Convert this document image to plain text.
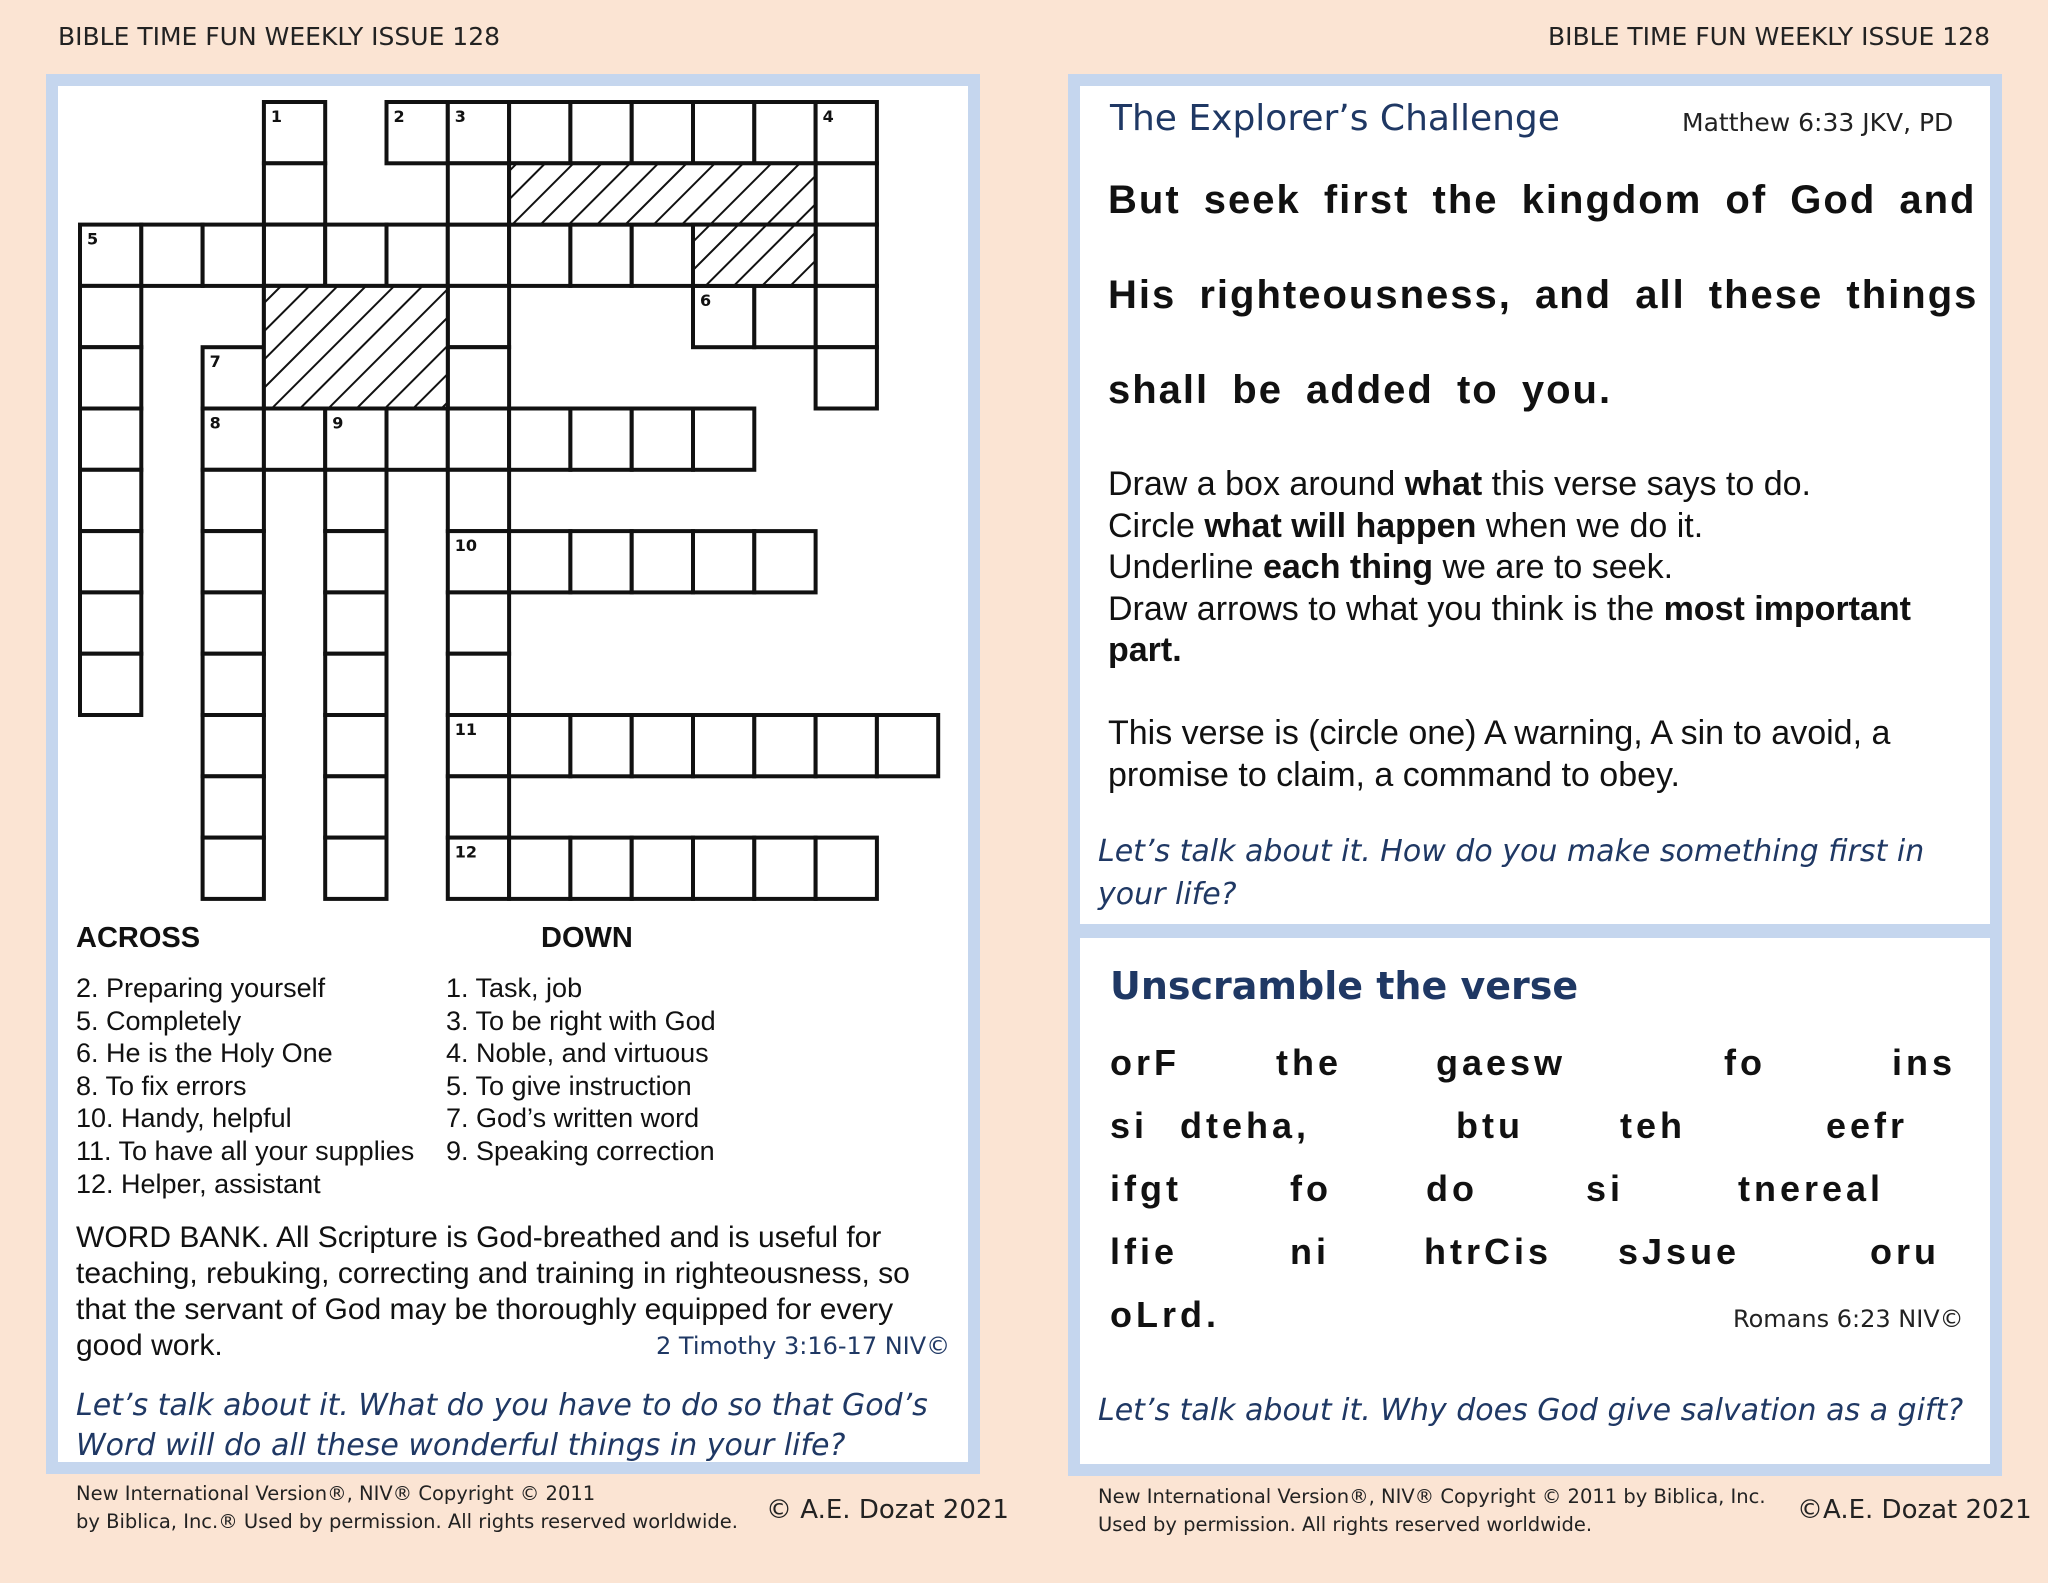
BIBLE TIME FUN WEEKLY ISSUE 128	BIBLE TIME FUN WEEKLY ISSUE 128
1	2	3	4
5
6
7
8	9
10
11
12
ACROSS	DOWN
2. Preparing yourself
5. Completely
6. He is the Holy One
8. To fix errors
10. Handy, helpful
11. To have all your supplies
12. Helper, assistant
1. Task, job
3. To be right with God
4. Noble, and virtuous
5. To give instruction
7. God’s written word
9. Speaking correction
WORD BANK. All Scripture is God-breathed and is useful for teaching, rebuking, correcting and training in righteousness, so that the servant of God may be thoroughly equipped for every good work.	2 Timothy 3:16-17 NIV©
Let’s talk about it. What do you have to do so that God’s Word will do all these wonderful things in your life?
New International Version®, NIV® Copyright © 2011
by Biblica, Inc.® Used by permission. All rights reserved worldwide. © A.E. Dozat 2021
The Explorer’s Challenge	Matthew 6:33 JKV, PD
But seek first the kingdom of God and
His righteousness, and all these things
shall be added to you.
Draw a box around what this verse says to do.
Circle what will happen when we do it.
Underline each thing we are to seek.
Draw arrows to what you think is the most important
part.
This verse is (circle one) A warning, A sin to avoid, a
promise to claim, a command to obey.
Let’s talk about it. How do you make something first in your life?
Unscramble the verse
orF	the	gaesw	fo	ins
si dteha,	btu	teh	eefr
ifgt	fo	do	si	tnereal
lfie	ni	htrCis sJsue	oru
oLrd.	Romans 6:23 NIV©
Let’s talk about it. Why does God give salvation as a gift?
New International Version®, NIV® Copyright © 2011 by Biblica, Inc.
Used by permission. All rights reserved worldwide.	©A.E. Dozat 2021
